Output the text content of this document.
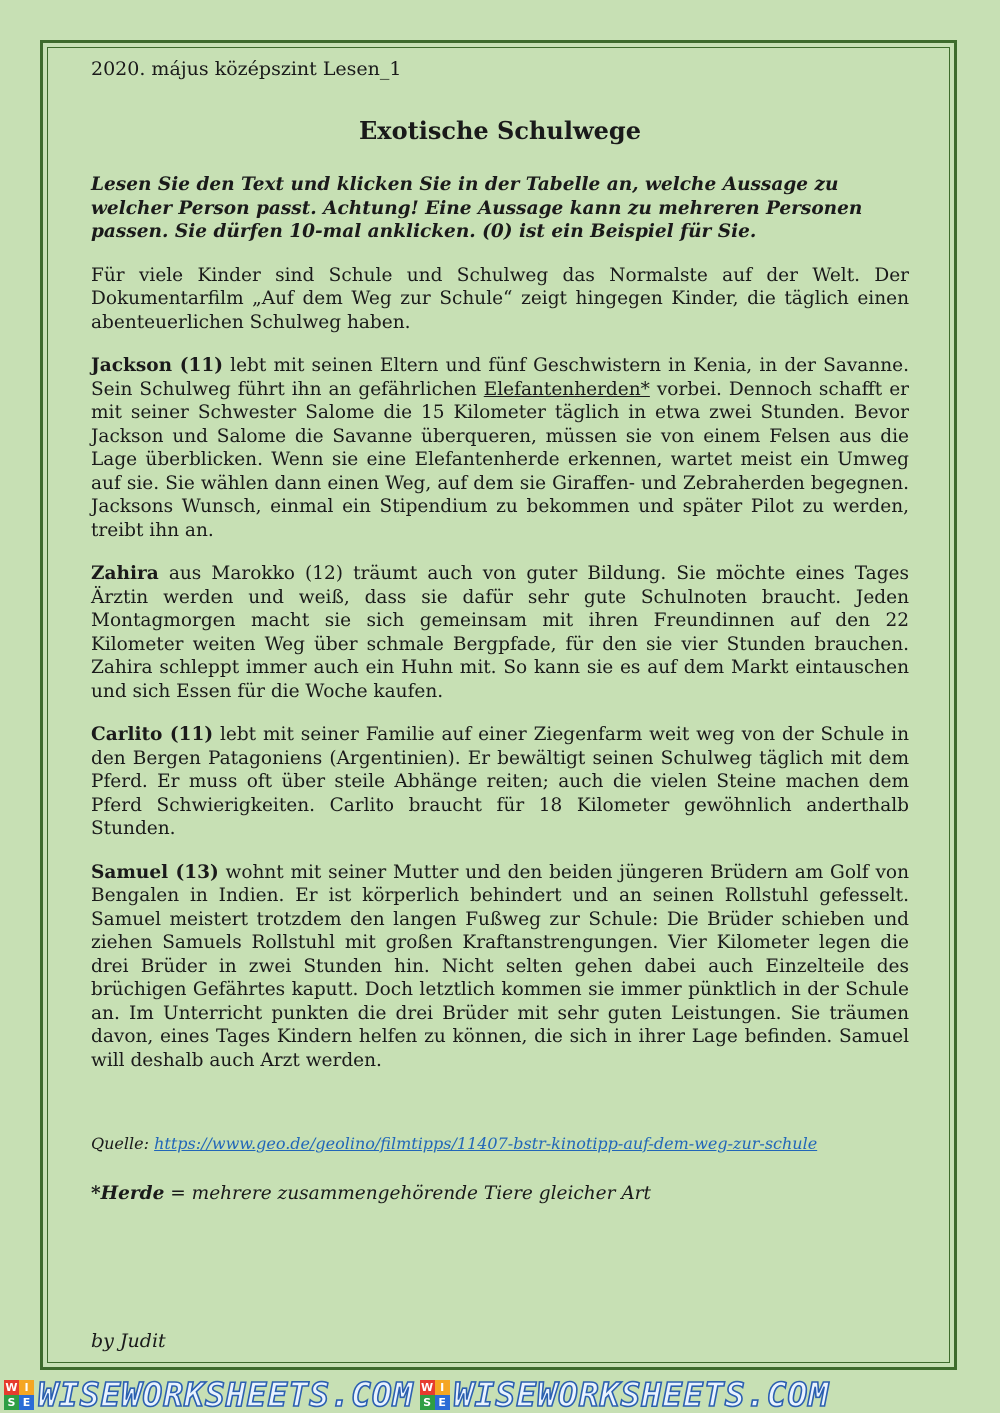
2020. május középszint Lesen_1
Exotische Schulwege
Lesen Sie den Text und klicken Sie in der Tabelle an, welche Aussage zu welcher Person passt. Achtung! Eine Aussage kann zu mehreren Personen passen. Sie dürfen 10-mal anklicken. (0) ist ein Beispiel für Sie.

Für viele Kinder sind Schule und Schulweg das Normalste auf der Welt. Der Dokumentarfilm „Auf dem Weg zur Schule“ zeigt hingegen Kinder, die täglich einen abenteuerlichen Schulweg haben.

Jackson (11) lebt mit seinen Eltern und fünf Geschwistern in Kenia, in der Savanne. Sein Schulweg führt ihn an gefährlichen Elefantenherden* vorbei. Dennoch schafft er mit seiner Schwester Salome die 15 Kilometer täglich in etwa zwei Stunden. Bevor Jackson und Salome die Savanne überqueren, müssen sie von einem Felsen aus die Lage überblicken. Wenn sie eine Elefantenherde erkennen, wartet meist ein Umweg auf sie. Sie wählen dann einen Weg, auf dem sie Giraffen- und Zebraherden begegnen. Jacksons Wunsch, einmal ein Stipendium zu bekommen und später Pilot zu werden, treibt ihn an.

Zahira aus Marokko (12) träumt auch von guter Bildung. Sie möchte eines Tages Ärztin werden und weiß, dass sie dafür sehr gute Schulnoten braucht. Jeden Montagmorgen macht sie sich gemeinsam mit ihren Freundinnen auf den 22 Kilometer weiten Weg über schmale Bergpfade, für den sie vier Stunden brauchen. Zahira schleppt immer auch ein Huhn mit. So kann sie es auf dem Markt eintauschen und sich Essen für die Woche kaufen.

Carlito (11) lebt mit seiner Familie auf einer Ziegenfarm weit weg von der Schule in den Bergen Patagoniens (Argentinien). Er bewältigt seinen Schulweg täglich mit dem Pferd. Er muss oft über steile Abhänge reiten; auch die vielen Steine machen dem Pferd Schwierigkeiten. Carlito braucht für 18 Kilometer gewöhnlich anderthalb Stunden.

Samuel (13) wohnt mit seiner Mutter und den beiden jüngeren Brüdern am Golf von Bengalen in Indien. Er ist körperlich behindert und an seinen Rollstuhl gefesselt. Samuel meistert trotzdem den langen Fußweg zur Schule: Die Brüder schieben und ziehen Samuels Rollstuhl mit großen Kraftanstrengungen. Vier Kilometer legen die drei Brüder in zwei Stunden hin. Nicht selten gehen dabei auch Einzelteile des brüchigen Gefährtes kaputt. Doch letztlich kommen sie immer pünktlich in der Schule an. Im Unterricht punkten die drei Brüder mit sehr guten Leistungen. Sie träumen davon, eines Tages Kindern helfen zu können, die sich in ihrer Lage befinden. Samuel will deshalb auch Arzt werden.

Quelle: https://www.geo.de/geolino/filmtipps/11407-bstr-kinotipp-auf-dem-weg-zur-schule
*Herde = mehrere zusammengehörende Tiere gleicher Art
by Judit
W I
S E WISEWORKSHEETS.COM W I
S E WISEWORKSHEETS.COM
